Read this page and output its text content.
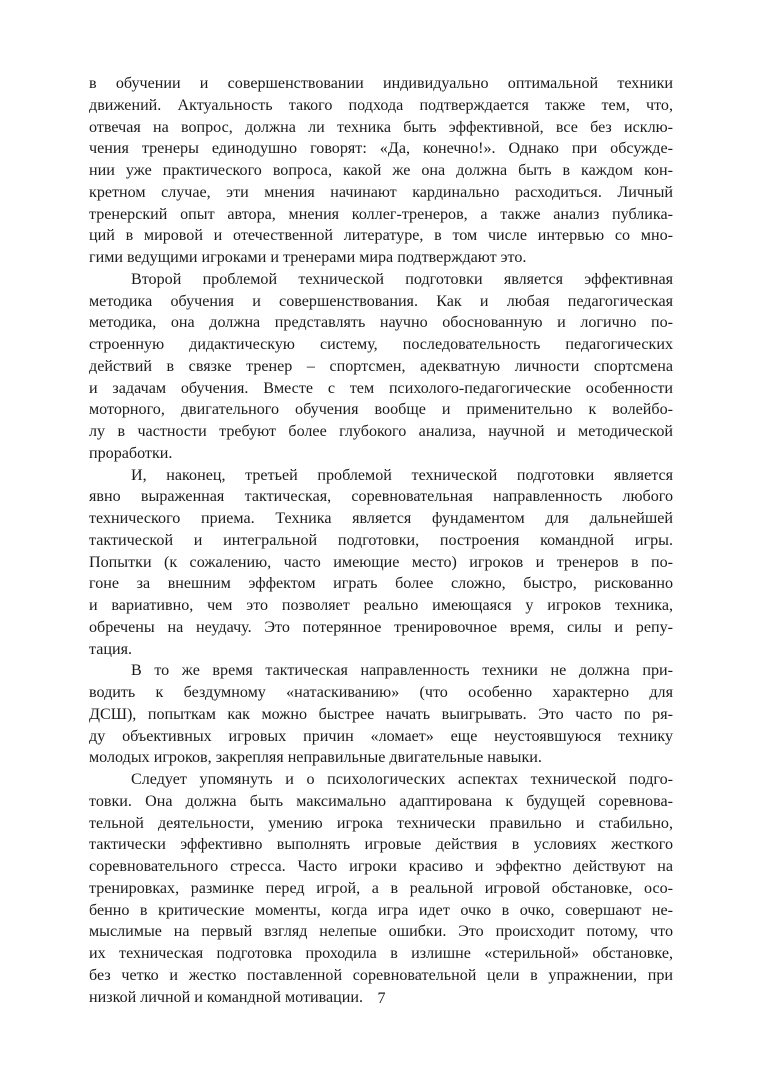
в обучении и совершенствовании индивидуально оптимальной техники
движений. Актуальность такого подхода подтверждается также тем, что,
отвечая на вопрос, должна ли техника быть эффективной, все без исклю-
чения тренеры единодушно говорят: «Да, конечно!». Однако при обсужде-
нии уже практического вопроса, какой же она должна быть в каждом кон-
кретном случае, эти мнения начинают кардинально расходиться. Личный
тренерский опыт автора, мнения коллег-тренеров, а также анализ публика-
ций в мировой и отечественной литературе, в том числе интервью со мно-
гими ведущими игроками и тренерами мира подтверждают это.
Второй проблемой технической подготовки является эффективная
методика обучения и совершенствования. Как и любая педагогическая
методика, она должна представлять научно обоснованную и логично по-
строенную дидактическую систему, последовательность педагогических
действий в связке тренер – спортсмен, адекватную личности спортсмена
и задачам обучения. Вместе с тем психолого-педагогические особенности
моторного, двигательного обучения вообще и применительно к волейбо-
лу в частности требуют более глубокого анализа, научной и методической
проработки.
И, наконец, третьей проблемой технической подготовки является
явно выраженная тактическая, соревновательная направленность любого
технического приема. Техника является фундаментом для дальнейшей
тактической и интегральной подготовки, построения командной игры.
Попытки (к сожалению, часто имеющие место) игроков и тренеров в по-
гоне за внешним эффектом играть более сложно, быстро, рискованно
и вариативно, чем это позволяет реально имеющаяся у игроков техника,
обречены на неудачу. Это потерянное тренировочное время, силы и репу-
тация.
В то же время тактическая направленность техники не должна при-
водить к бездумному «натаскиванию» (что особенно характерно для
ДСШ), попыткам как можно быстрее начать выигрывать. Это часто по ря-
ду объективных игровых причин «ломает» еще неустоявшуюся технику
молодых игроков, закрепляя неправильные двигательные навыки.
Следует упомянуть и о психологических аспектах технической подго-
товки. Она должна быть максимально адаптирована к будущей соревнова-
тельной деятельности, умению игрока технически правильно и стабильно,
тактически эффективно выполнять игровые действия в условиях жесткого
соревновательного стресса. Часто игроки красиво и эффектно действуют на
тренировках, разминке перед игрой, а в реальной игровой обстановке, осо-
бенно в критические моменты, когда игра идет очко в очко, совершают не-
мыслимые на первый взгляд нелепые ошибки. Это происходит потому, что
их техническая подготовка проходила в излишне «стерильной» обстановке,
без четко и жестко поставленной соревновательной цели в упражнении, при
низкой личной и командной мотивации. 7
